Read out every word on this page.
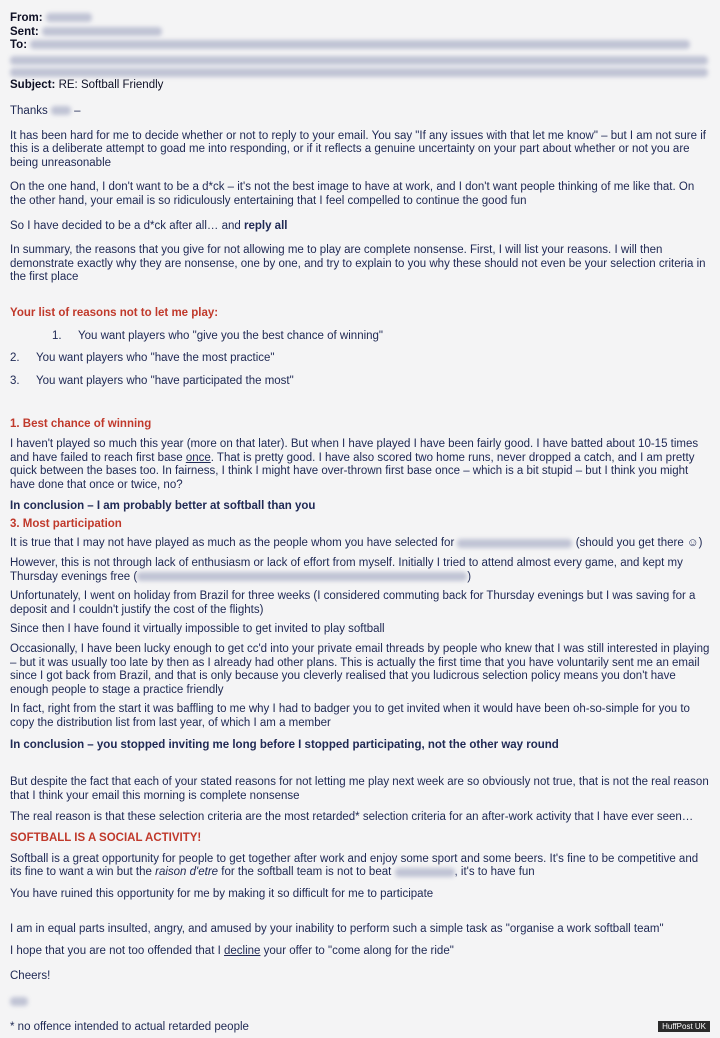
From:
Sent:
To:
Subject: RE: Softball Friendly

Thanks –

It has been hard for me to decide whether or not to reply to your email. You say "If any issues with that let me know" – but I am not sure if this is a deliberate attempt to goad me into responding, or if it reflects a genuine uncertainty on your part about whether or not you are being unreasonable

On the one hand, I don't want to be a d*ck – it's not the best image to have at work, and I don't want people thinking of me like that. On the other hand, your email is so ridiculously entertaining that I feel compelled to continue the good fun

So I have decided to be a d*ck after all… and reply all

In summary, the reasons that you give for not allowing me to play are complete nonsense. First, I will list your reasons. I will then demonstrate exactly why they are nonsense, one by one, and try to explain to you why these should not even be your selection criteria in the first place

Your list of reasons not to let me play:

1. You want players who "give you the best chance of winning"

2. You want players who "have the most practice"

3. You want players who "have participated the most"

1. Best chance of winning

I haven't played so much this year (more on that later). But when I have played I have been fairly good. I have batted about 10-15 times and have failed to reach first base once. That is pretty good. I have also scored two home runs, never dropped a catch, and I am pretty quick between the bases too. In fairness, I think I might have over-thrown first base once – which is a bit stupid – but I think you might have done that once or twice, no?

In conclusion – I am probably better at softball than you

3. Most participation

It is true that I may not have played as much as the people whom you have selected for	(should you get there ☺)

However, this is not through lack of enthusiasm or lack of effort from myself. Initially I tried to attend almost every game, and kept my Thursday evenings free (	)

Unfortunately, I went on holiday from Brazil for three weeks (I considered commuting back for Thursday evenings but I was saving for a deposit and I couldn't justify the cost of the flights)

Since then I have found it virtually impossible to get invited to play softball

Occasionally, I have been lucky enough to get cc'd into your private email threads by people who knew that I was still interested in playing – but it was usually too late by then as I already had other plans. This is actually the first time that you have voluntarily sent me an email since I got back from Brazil, and that is only because you cleverly realised that you ludicrous selection policy means you don't have enough people to stage a practice friendly

In fact, right from the start it was baffling to me why I had to badger you to get invited when it would have been oh-so-simple for you to copy the distribution list from last year, of which I am a member

In conclusion – you stopped inviting me long before I stopped participating, not the other way round

But despite the fact that each of your stated reasons for not letting me play next week are so obviously not true, that is not the real reason that I think your email this morning is complete nonsense

The real reason is that these selection criteria are the most retarded* selection criteria for an after-work activity that I have ever seen…

SOFTBALL IS A SOCIAL ACTIVITY!

Softball is a great opportunity for people to get together after work and enjoy some sport and some beers. It's fine to be competitive and its fine to want a win but the raison d'etre for the softball team is not to beat	, it's to have fun

You have ruined this opportunity for me by making it so difficult for me to participate

I am in equal parts insulted, angry, and amused by your inability to perform such a simple task as "organise a work softball team"

I hope that you are not too offended that I decline your offer to "come along for the ride"

Cheers!

* no offence intended to actual retarded people	HuffPost UK
